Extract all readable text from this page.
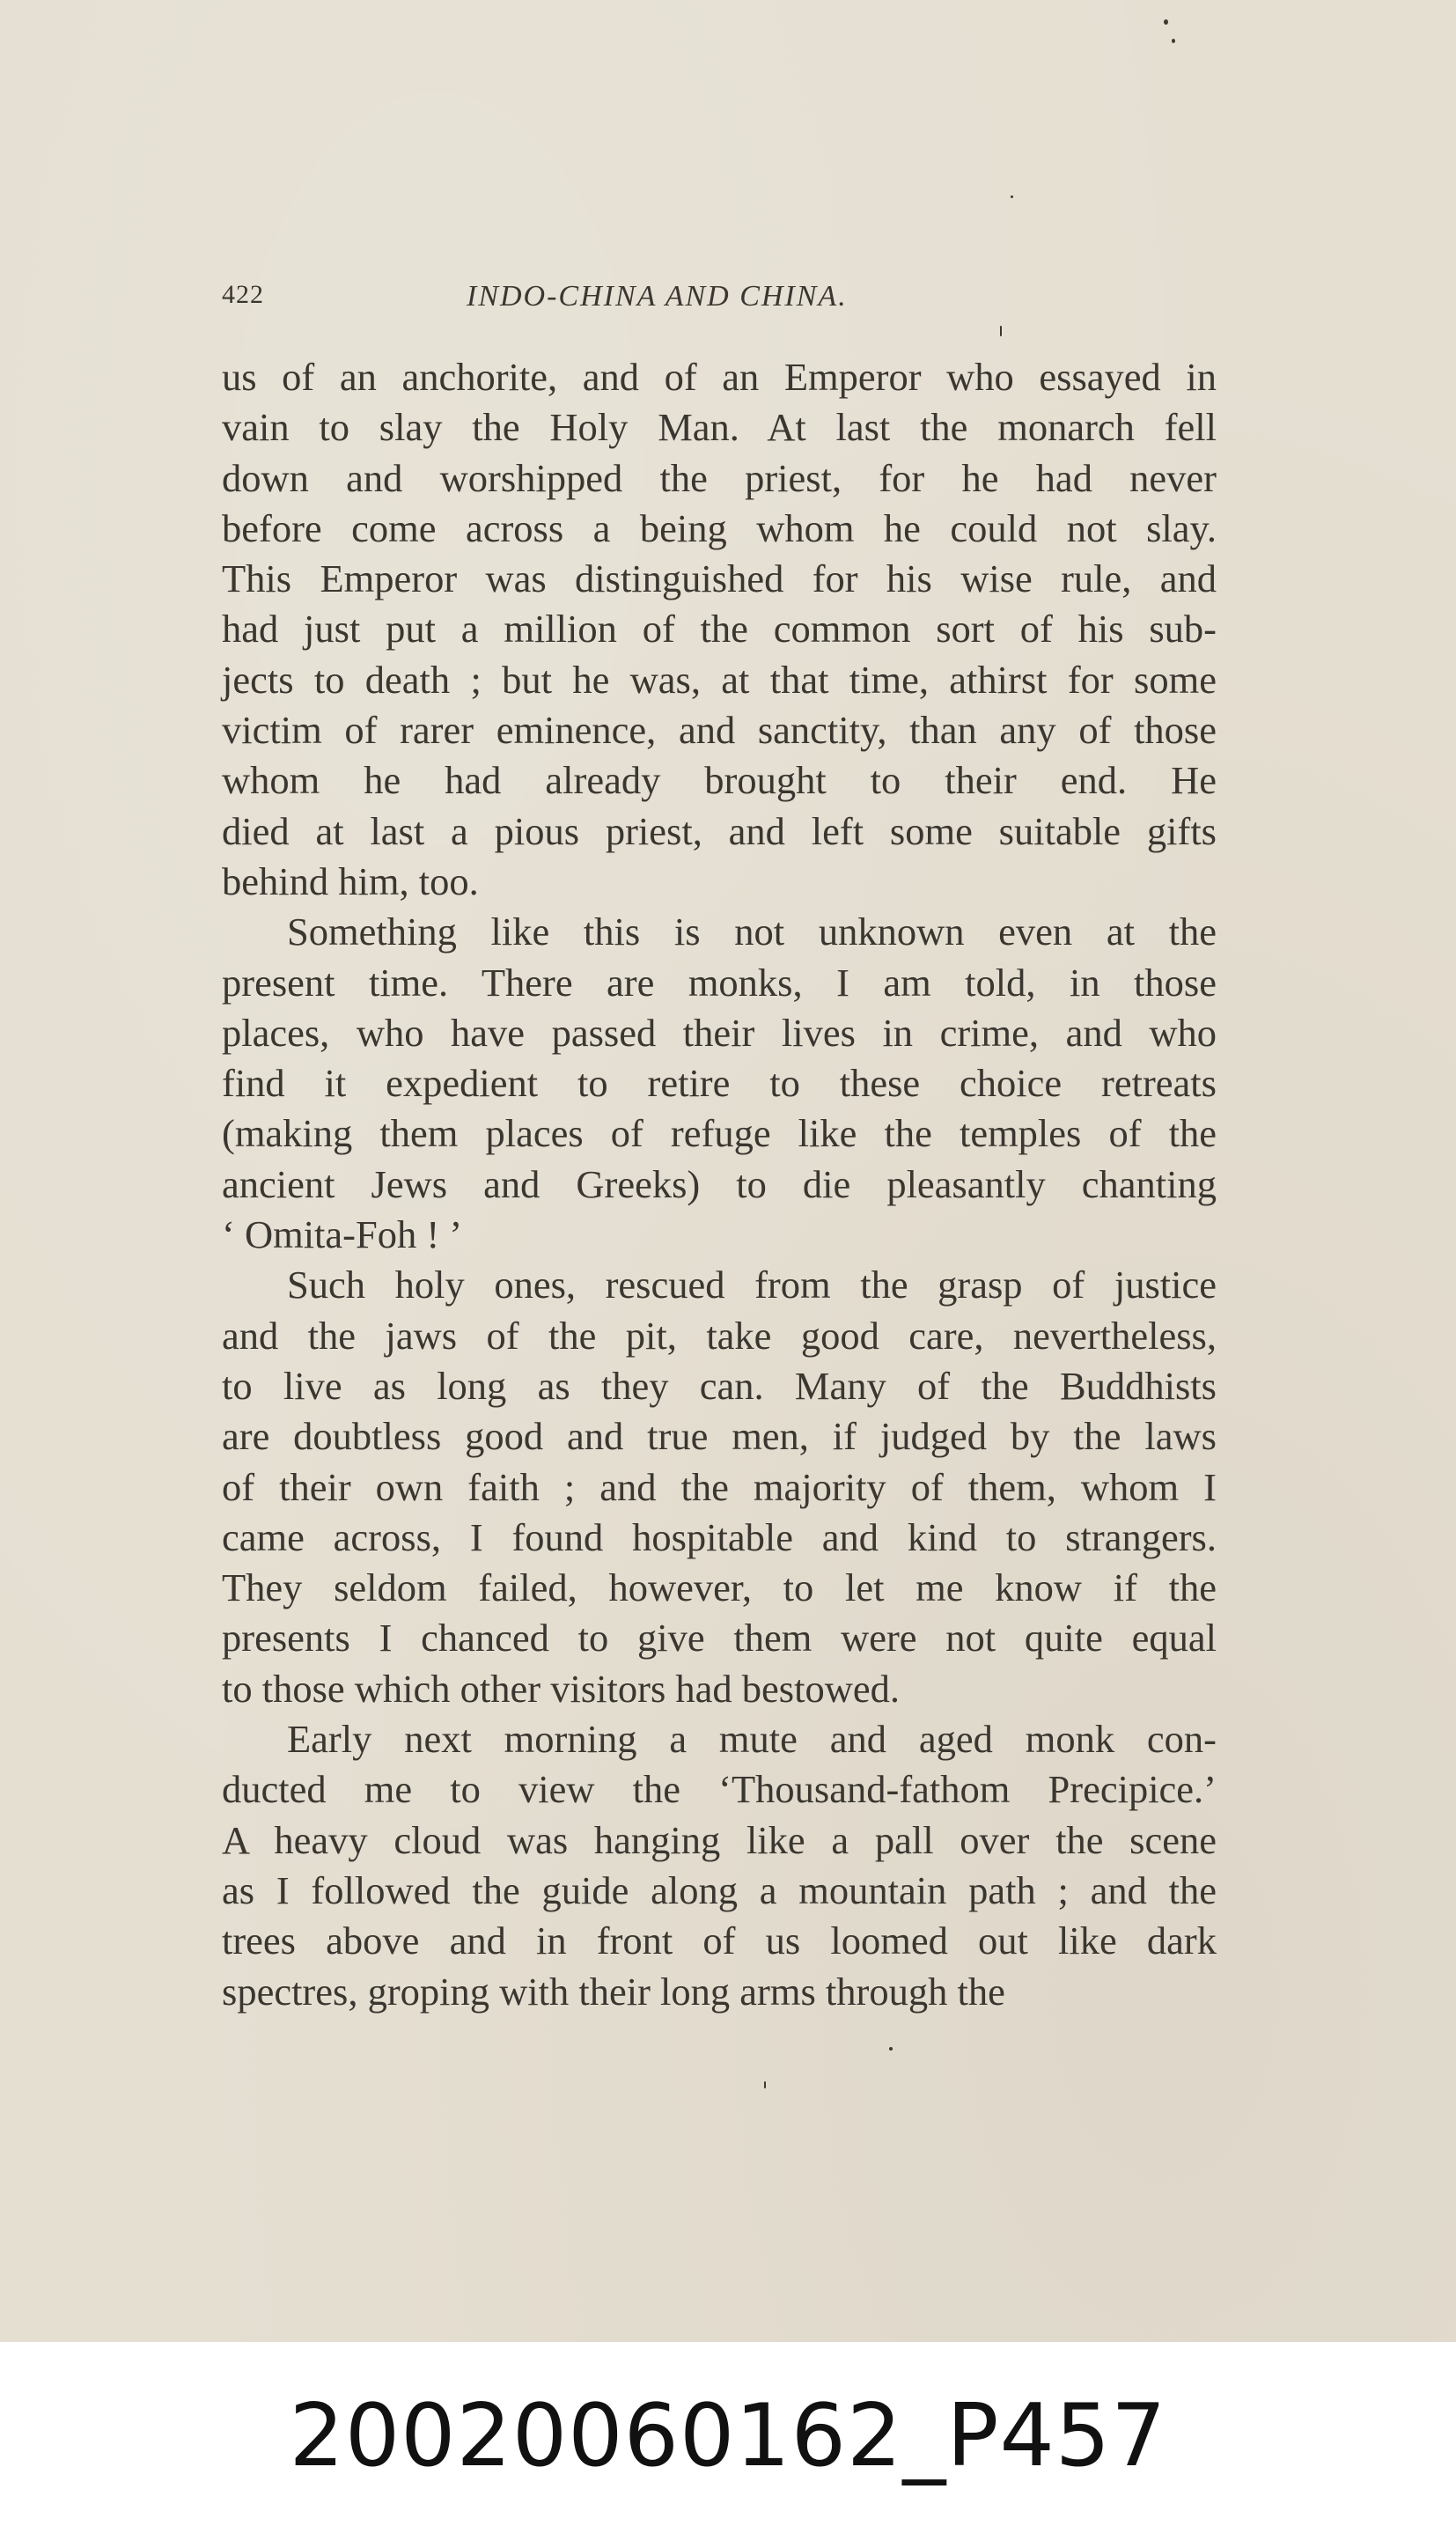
422	INDO-CHINA AND CHINA.
us of an anchorite, and of an Emperor who essayed in
vain to slay the Holy Man. At last the monarch fell
down and worshipped the priest, for he had never
before come across a being whom he could not slay.
This Emperor was distinguished for his wise rule, and
had just put a million of the common sort of his sub-
jects to death ; but he was, at that time, athirst for some
victim of rarer eminence, and sanctity, than any of those
whom he had already brought to their end. He
died at last a pious priest, and left some suitable gifts
behind him, too.
Something like this is not unknown even at the
present time. There are monks, I am told, in those
places, who have passed their lives in crime, and who
find it expedient to retire to these choice retreats
(making them places of refuge like the temples of the
ancient Jews and Greeks) to die pleasantly chanting
‘ Omita-Foh ! ’
Such holy ones, rescued from the grasp of justice
and the jaws of the pit, take good care, nevertheless,
to live as long as they can. Many of the Buddhists
are doubtless good and true men, if judged by the laws
of their own faith ; and the majority of them, whom I
came across, I found hospitable and kind to strangers.
They seldom failed, however, to let me know if the
presents I chanced to give them were not quite equal
to those which other visitors had bestowed.
Early next morning a mute and aged monk con-
ducted me to view the ‘Thousand-fathom Precipice.’
A heavy cloud was hanging like a pall over the scene
as I followed the guide along a mountain path ; and the
trees above and in front of us loomed out like dark
spectres, groping with their long arms through the
20020060162_P457
